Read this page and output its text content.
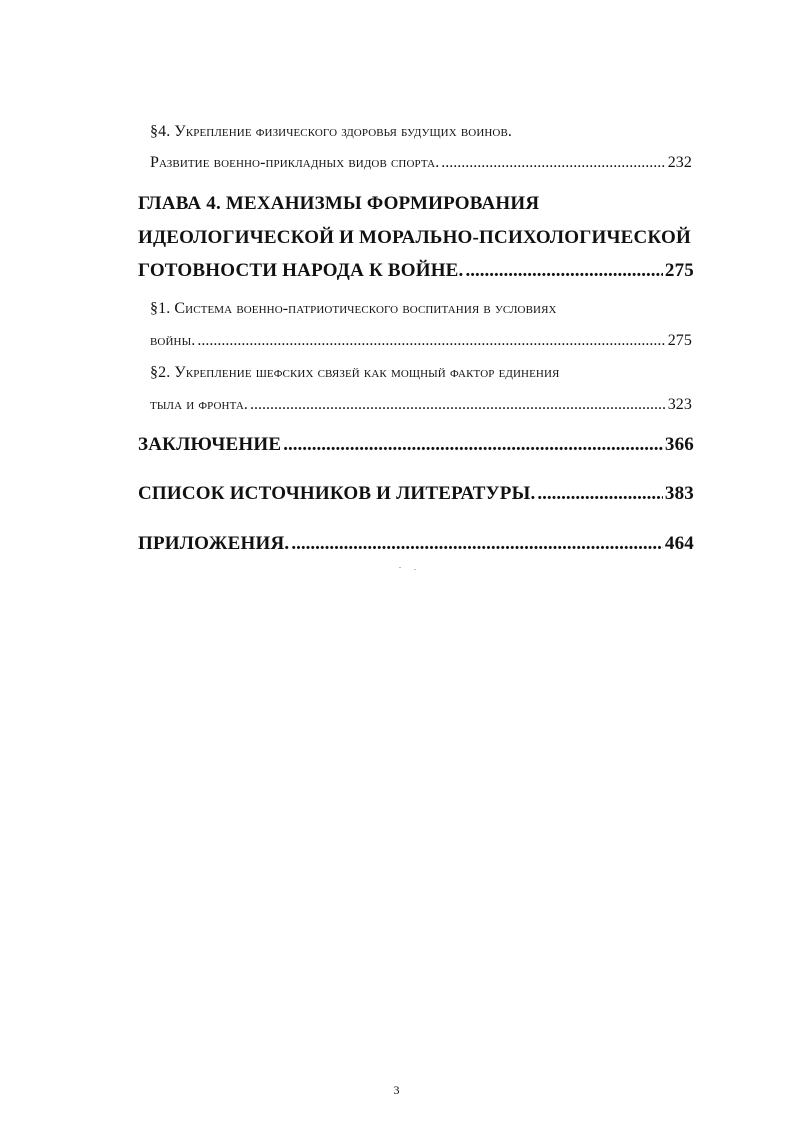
§4. Укрепление физического здоровья будущих воинов.
Развитие военно-прикладных видов спорта. .....	232
ГЛАВА 4. МЕХАНИЗМЫ ФОРМИРОВАНИЯ
ИДЕОЛОГИЧЕСКОЙ И МОРАЛЬНО-ПСИХОЛОГИЧЕСКОЙ
ГОТОВНОСТИ НАРОДА К ВОЙНЕ. .....	275
§1. Система военно-патриотического воспитания в условиях
войны. .....	275
§2. Укрепление шефских связей как мощный фактор единения
тыла и фронта. .....	323
ЗАКЛЮЧЕНИЕ .....	366
СПИСОК ИСТОЧНИКОВ И ЛИТЕРАТУРЫ. .....	383
ПРИЛОЖЕНИЯ. .....	464
3
